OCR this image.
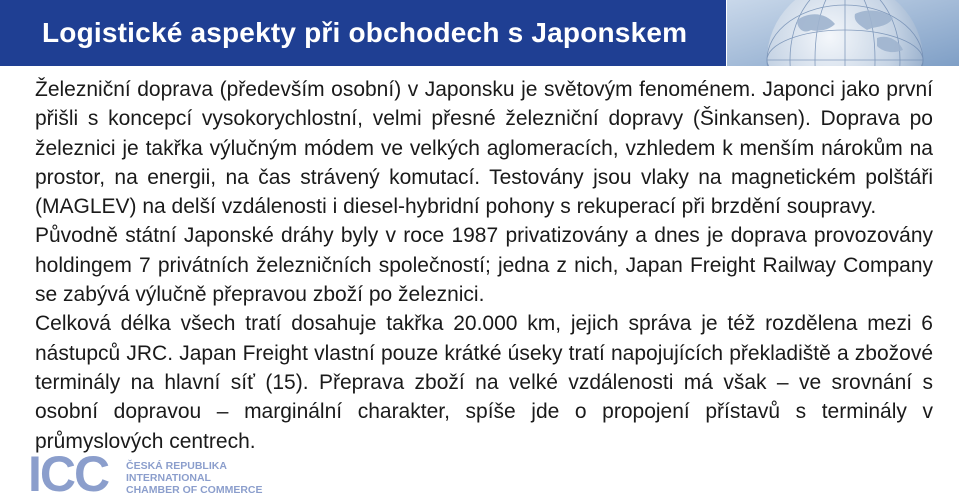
Logistické aspekty při obchodech s Japonskem

Železniční doprava (především osobní) v Japonsku je světovým fenoménem. Japonci jako první přišli s koncepcí vysokorychlostní, velmi přesné železniční dopravy (Šinkansen). Doprava po železnici je takřka výlučným módem ve velkých aglomeracích, vzhledem k menším nárokům na prostor, na energii, na čas strávený komutací. Testovány jsou vlaky na magnetickém polštáři (MAGLEV) na delší vzdálenosti i diesel-hybridní pohony s rekuperací při brzdění soupravy.

Původně státní Japonské dráhy byly v roce 1987 privatizovány a dnes je doprava provozovány holdingem 7 privátních železničních společností; jedna z nich, Japan Freight Railway Company se zabývá výlučně přepravou zboží po železnici.

Celková délka všech tratí dosahuje takřka 20.000 km, jejich správa je též rozdělena mezi 6 nástupců JRC. Japan Freight vlastní pouze krátké úseky tratí napojujících překladiště a zbožové terminály na hlavní síť (15). Přeprava zboží na velké vzdálenosti má však – ve srovnání s osobní dopravou – marginální charakter, spíše jde o propojení přístavů s terminály v průmyslových centrech.

ICC ČESKÁ REPUBLIKA
INTERNATIONAL
CHAMBER OF COMMERCE
